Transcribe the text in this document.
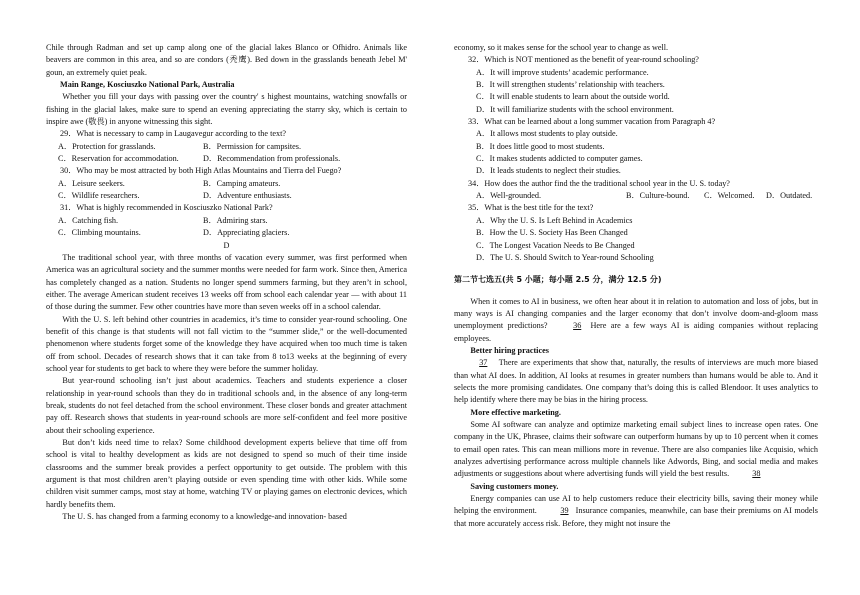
Chile through Radman and set up camp along one of the glacial lakes Blanco or Ofhidro. Animals like beavers are common in this area, and so are condors (秃鹰). Bed down in the grasslands beneath Jebel M' goun, an extremely quiet peak.

Main Range, Kosciuszko National Park, Australia

Whether you fill your days with passing over the country' s highest mountains, watching snowfalls or fishing in the glacial lakes, make sure to spend an evening appreciating the starry sky, which is certain to inspire awe (敬畏) in anyone witnessing this sight.

29．What is necessary to camp in Laugavegur according to the text?

A．Protection for grasslands.	B．Permission for campsites.
C．Reservation for accommodation.	D．Recommendation from professionals.

30．Who may be most attracted by both High Atlas Mountains and Tierra del Fuego?

A．Leisure seekers.	B．Camping amateurs.
C．Wildlife researchers.	D．Adventure enthusiasts.

31．What is highly recommended in Kosciuszko National Park?

A．Catching fish.	B．Admiring stars.
C．Climbing mountains.	D．Appreciating glaciers.

D

The traditional school year, with three months of vacation every summer, was first performed when America was an agricultural society and the summer months were needed for farm work. Since then, America has completely changed as a nation. Students no longer spend summers farming, but they aren’t in school, either. The average American student receives 13 weeks off from school each calendar year — with about 11 of those during the summer. Few other countries have more than seven weeks off in a school calendar.

With the U. S. left behind other countries in academics, it’s time to consider year-round schooling. One benefit of this change is that students will not fall victim to the “summer slide,” or the well-documented phenomenon where students forget some of the knowledge they have acquired when too much time is taken off from school. Decades of research shows that it can take from 8 to13 weeks at the beginning of every school year for students to get back to where they were before the summer holiday.

But year-round schooling isn’t just about academics. Teachers and students experience a closer relationship in year-round schools than they do in traditional schools and, in the absence of any long-term break, students do not feel detached from the school environment. These closer bonds and greater attachment pay off. Research shows that students in year-round schools are more self-confident and feel more positive about their schooling experience.

But don’t kids need time to relax? Some childhood development experts believe that time off from school is vital to healthy development as kids are not designed to spend so much of their time inside classrooms and the summer break provides a perfect opportunity to get outside. The problem with this argument is that most children aren’t playing outside or even spending time with other kids. While some children visit summer camps, most stay at home, watching TV or playing games on electronic devices, which hardly benefits them.

The U. S. has changed from a farming economy to a knowledge-and innovation- based

economy, so it makes sense for the school year to change as well.

32．Which is NOT mentioned as the benefit of year-round schooling?

A．It will improve students’ academic performance.

B．It will strengthen students’ relationship with teachers.

C．It will enable students to learn about the outside world.

D．It will familiarize students with the school environment.

33．What can be learned about a long summer vacation from Paragraph 4?

A．It allows most students to play outside.

B．It does little good to most students.

C．It makes students addicted to computer games.

D．It leads students to neglect their studies.

34．How does the author find the the traditional school year in the U. S. today?

A．Well-grounded.	B．Culture-bound.	C．Welcomed.	D．Outdated.

35．What is the best title for the text?

A．Why the U. S. Is Left Behind in Academics

B．How the U. S. Society Has Been Changed

C．The Longest Vacation Needs to Be Changed

D．The U. S. Should Switch to Year-round Schooling

第二节七选五(共 5 小题；每小题 2.5 分，满分 12.5 分)

When it comes to AI in business, we often hear about it in relation to automation and loss of jobs, but in many ways is AI changing companies and the larger economy that don’t involve doom-and-gloom mass unemployment predictions?	36 Here are a few ways AI is aiding companies without replacing employees.

Better hiring practices

37 There are experiments that show that, naturally, the results of interviews are much more biased than what AI does. In addition, AI looks at resumes in greater numbers than humans would be able to. And it selects the more promising candidates. One company that’s doing this is called Blendoor. It uses analytics to help identify where there may be bias in the hiring process.

More effective marketing.

Some AI software can analyze and optimize marketing email subject lines to increase open rates. One company in the UK, Phrasee, claims their software can outperform humans by up to 10 percent when it comes to email open rates. This can mean millions more in revenue. There are also companies like Acquisio, which analyzes advertising performance across multiple channels like Adwords, Bing, and social media and makes adjustments or suggestions about where advertising funds will yield the best results.	38

Saving customers money.

Energy companies can use AI to help customers reduce their electricity bills, saving their money while helping the environment.	39 Insurance companies, meanwhile, can base their premiums on AI models that more accurately access risk. Before, they might not insure the
